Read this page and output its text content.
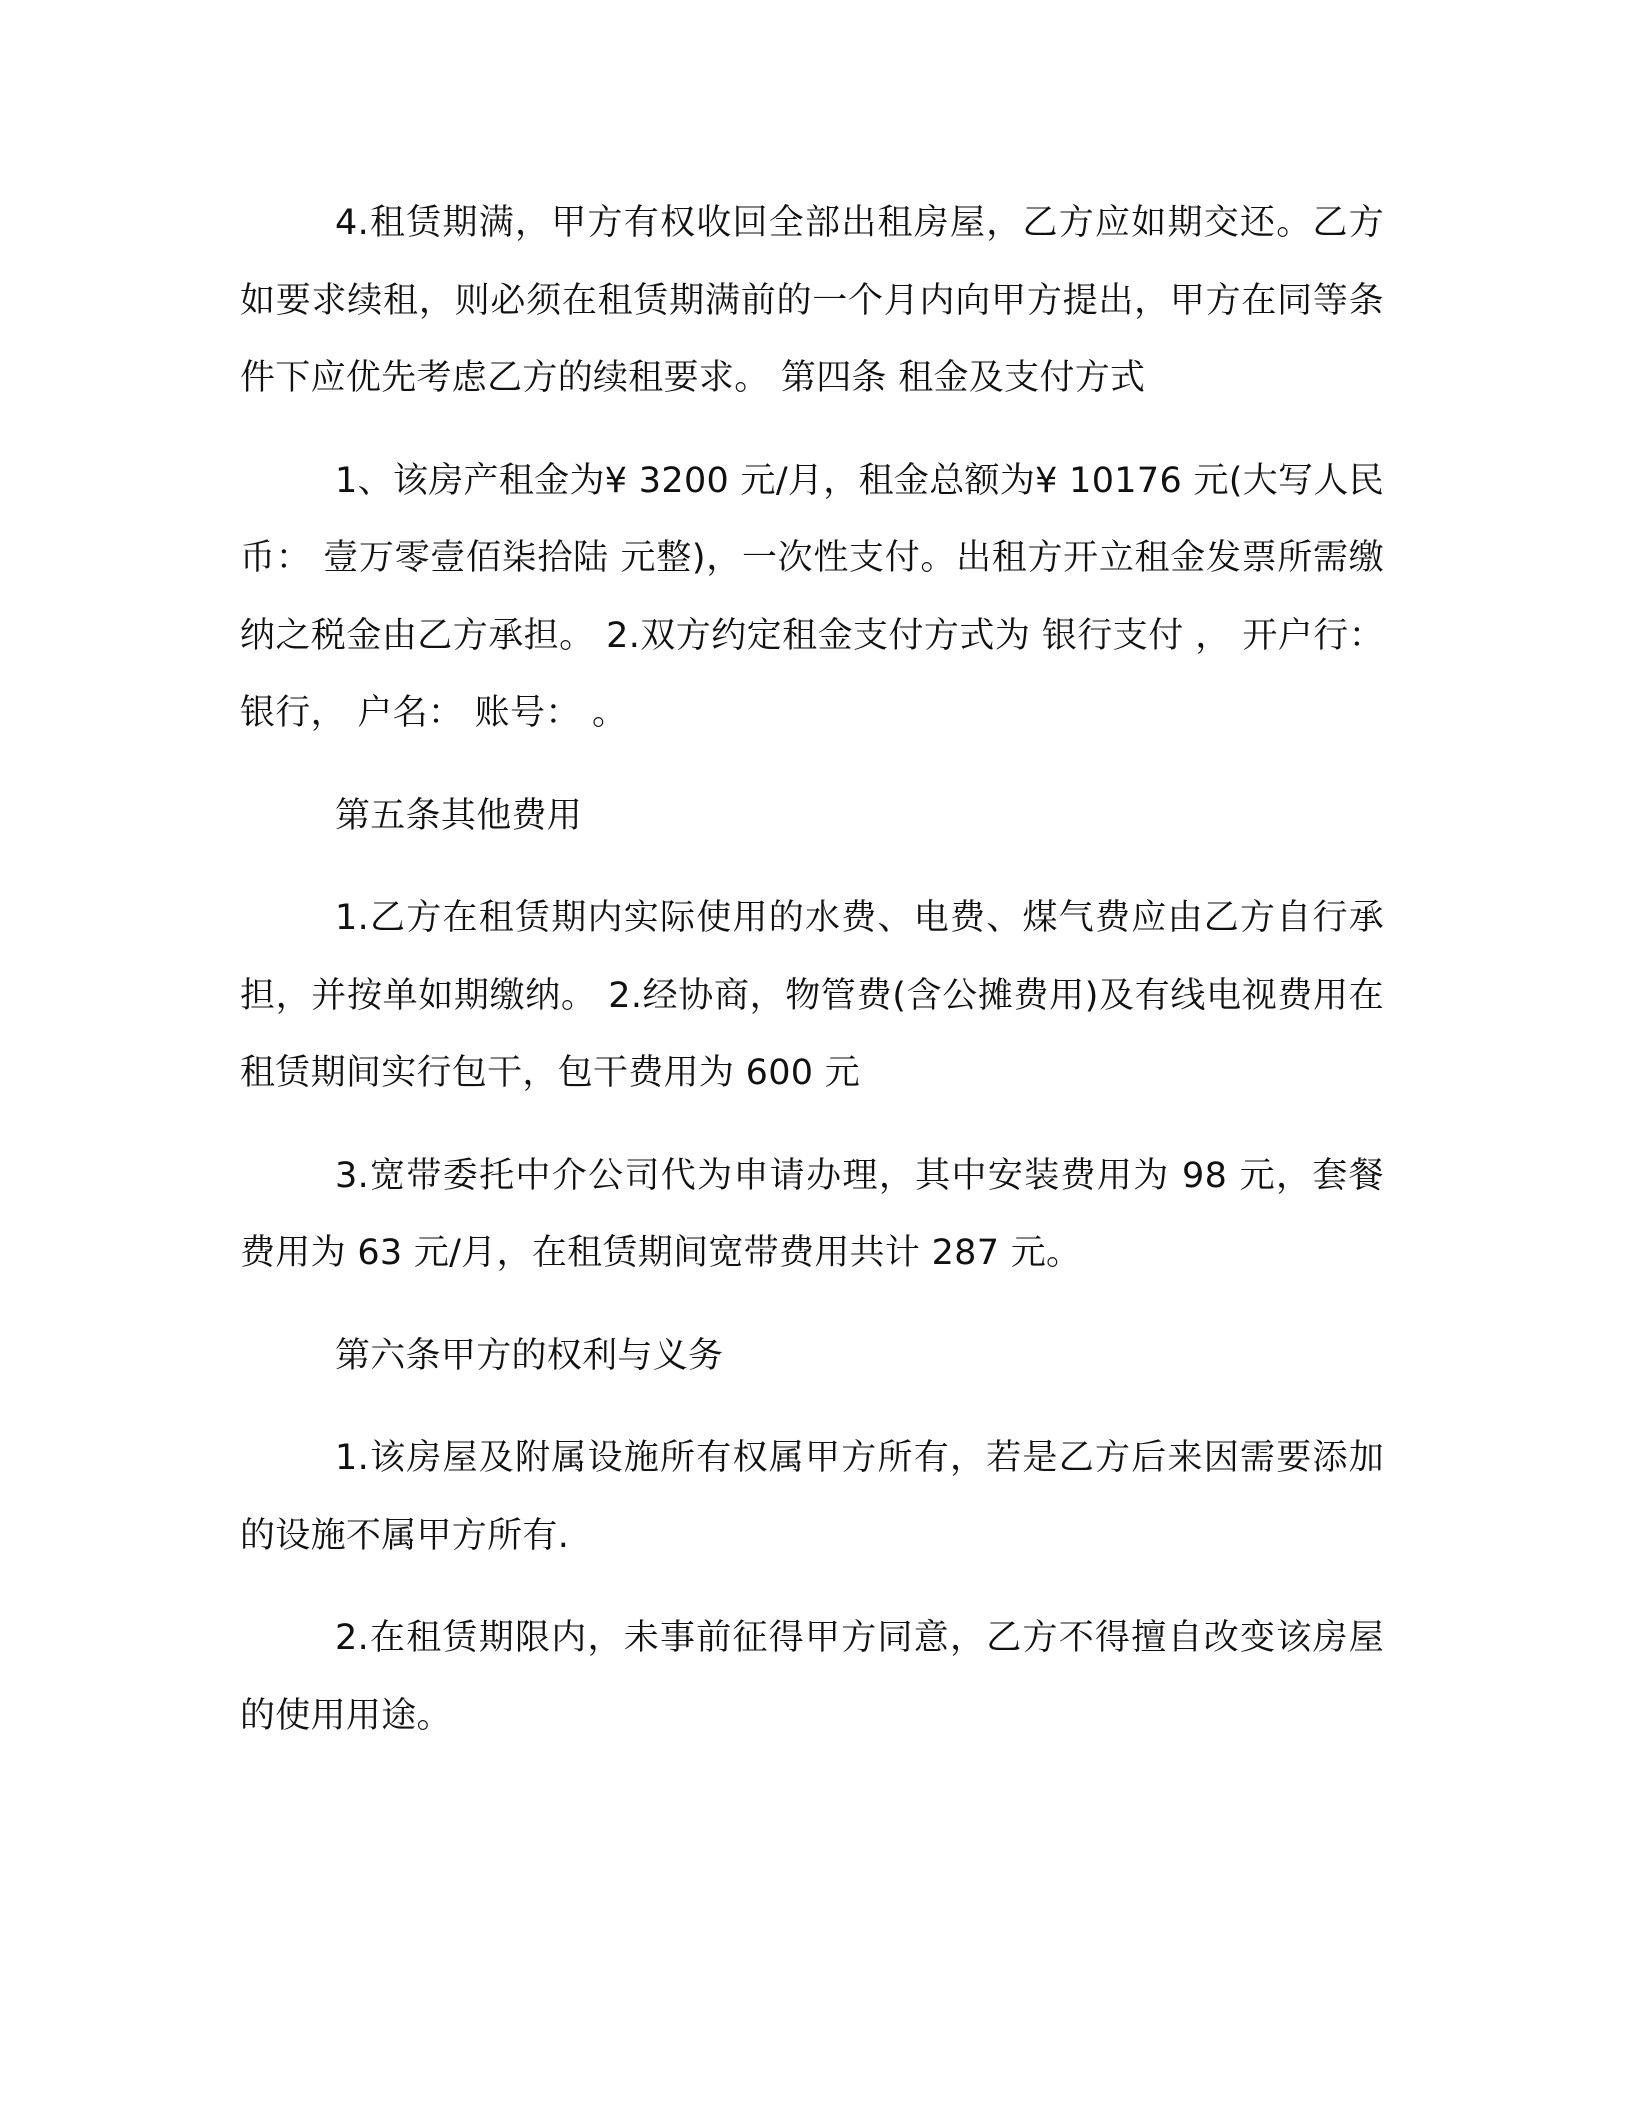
4.租赁期满，甲方有权收回全部出租房屋，乙方应如期交还。乙方如要求续租，则必须在租赁期满前的一个月内向甲方提出，甲方在同等条件下应优先考虑乙方的续租要求。 第四条 租金及支付方式

1、该房产租金为¥ 3200 元/月，租金总额为¥ 10176 元(大写人民币： 壹万零壹佰柒拾陆 元整)，一次性支付。出租方开立租金发票所需缴纳之税金由乙方承担。 2.双方约定租金支付方式为 银行支付 ， 开户行： 银行， 户名： 账号： 。

第五条其他费用

1.乙方在租赁期内实际使用的水费、电费、煤气费应由乙方自行承担，并按单如期缴纳。 2.经协商，物管费(含公摊费用)及有线电视费用在租赁期间实行包干，包干费用为 600 元

3.宽带委托中介公司代为申请办理，其中安装费用为 98 元，套餐费用为 63 元/月，在租赁期间宽带费用共计 287 元。

第六条甲方的权利与义务

1.该房屋及附属设施所有权属甲方所有，若是乙方后来因需要添加的设施不属甲方所有.

2.在租赁期限内，未事前征得甲方同意，乙方不得擅自改变该房屋的使用用途。
